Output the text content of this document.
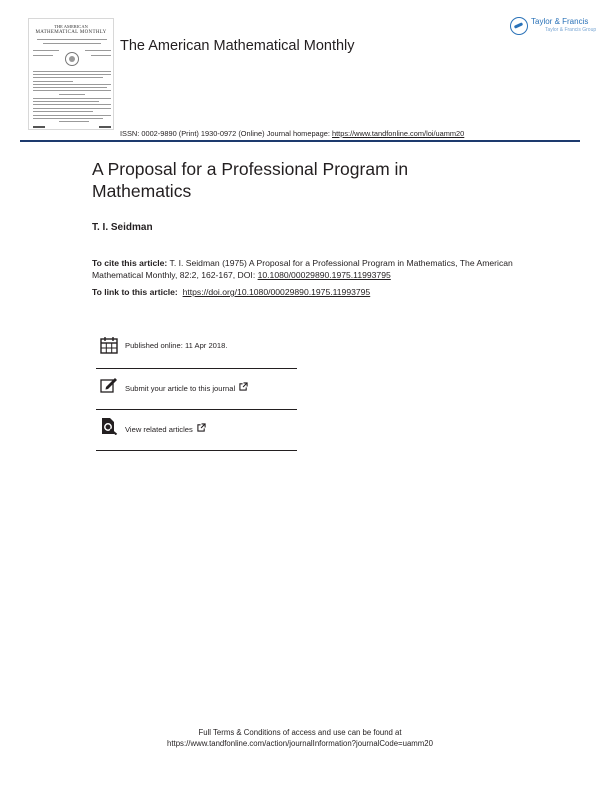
THE AMERICAN
MATHEMATICAL MONTHLY
The American Mathematical Monthly
Taylor & Francis
Taylor & Francis Group
ISSN: 0002-9890 (Print) 1930-0972 (Online) Journal homepage: https://www.tandfonline.com/loi/uamm20
A Proposal for a Professional Program in Mathematics
T. I. Seidman
To cite this article: T. I. Seidman (1975) A Proposal for a Professional Program in Mathematics, The American Mathematical Monthly, 82:2, 162-167, DOI: 10.1080/00029890.1975.11993795
To link to this article: https://doi.org/10.1080/00029890.1975.11993795
Published online: 11 Apr 2018.
Submit your article to this journal
View related articles
Full Terms & Conditions of access and use can be found at
https://www.tandfonline.com/action/journalInformation?journalCode=uamm20
